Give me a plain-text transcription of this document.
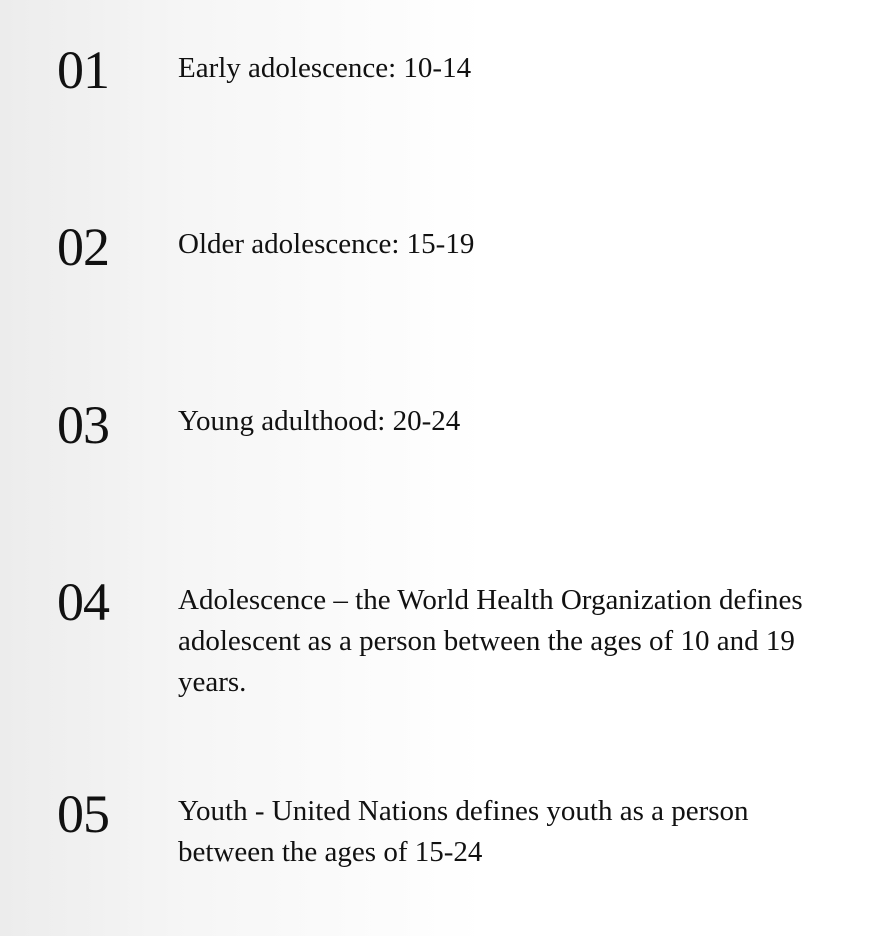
01 Early adolescence: 10-14
02 Older adolescence: 15-19
03 Young adulthood: 20-24
04 Adolescence – the World Health Organization defines adolescent as a person between the ages of 10 and 19 years.
05 Youth - United Nations defines youth as a person between the ages of 15-24
